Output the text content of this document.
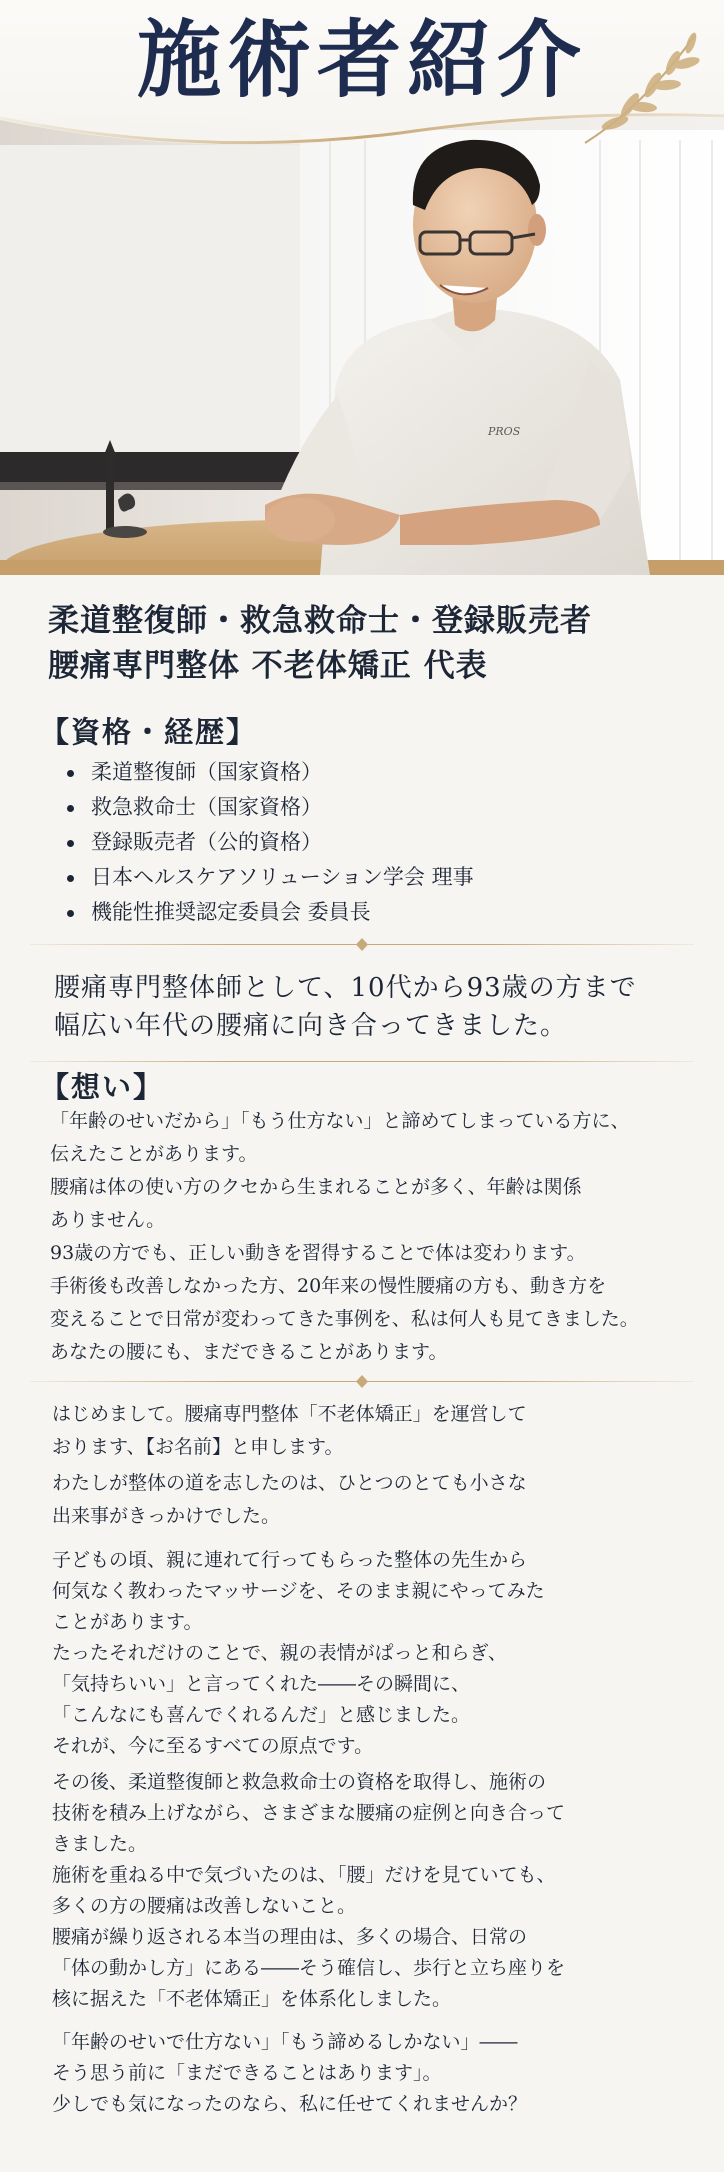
PROS
施術者紹介
柔道整復師・救急救命士・登録販売者
腰痛専門整体 不老体矯正 代表
【資格・経歴】
柔道整復師（国家資格）
救急救命士（国家資格）
登録販売者（公的資格）
日本ヘルスケアソリューション学会 理事
機能性推奨認定委員会 委員長
腰痛専門整体師として、10代から93歳の方まで
幅広い年代の腰痛に向き合ってきました。
【想い】
「年齢のせいだから」「もう仕方ない」と諦めてしまっている方に、
伝えたことがあります。
腰痛は体の使い方のクセから生まれることが多く、年齢は関係
ありません。
93歳の方でも、正しい動きを習得することで体は変わります。
手術後も改善しなかった方、20年来の慢性腰痛の方も、動き方を
変えることで日常が変わってきた事例を、私は何人も見てきました。
あなたの腰にも、まだできることがあります。
はじめまして。腰痛専門整体「不老体矯正」を運営して
おります、【お名前】と申します。
わたしが整体の道を志したのは、ひとつのとても小さな
出来事がきっかけでした。
子どもの頃、親に連れて行ってもらった整体の先生から
何気なく教わったマッサージを、そのまま親にやってみた
ことがあります。
たったそれだけのことで、親の表情がぱっと和らぎ、
「気持ちいい」と言ってくれた――その瞬間に、
「こんなにも喜んでくれるんだ」と感じました。
それが、今に至るすべての原点です。
その後、柔道整復師と救急救命士の資格を取得し、施術の
技術を積み上げながら、さまざまな腰痛の症例と向き合って
きました。
施術を重ねる中で気づいたのは、「腰」だけを見ていても、
多くの方の腰痛は改善しないこと。
腰痛が繰り返される本当の理由は、多くの場合、日常の
「体の動かし方」にある――そう確信し、歩行と立ち座りを
核に据えた「不老体矯正」を体系化しました。
「年齢のせいで仕方ない」「もう諦めるしかない」――
そう思う前に「まだできることはあります」。
少しでも気になったのなら、私に任せてくれませんか？
